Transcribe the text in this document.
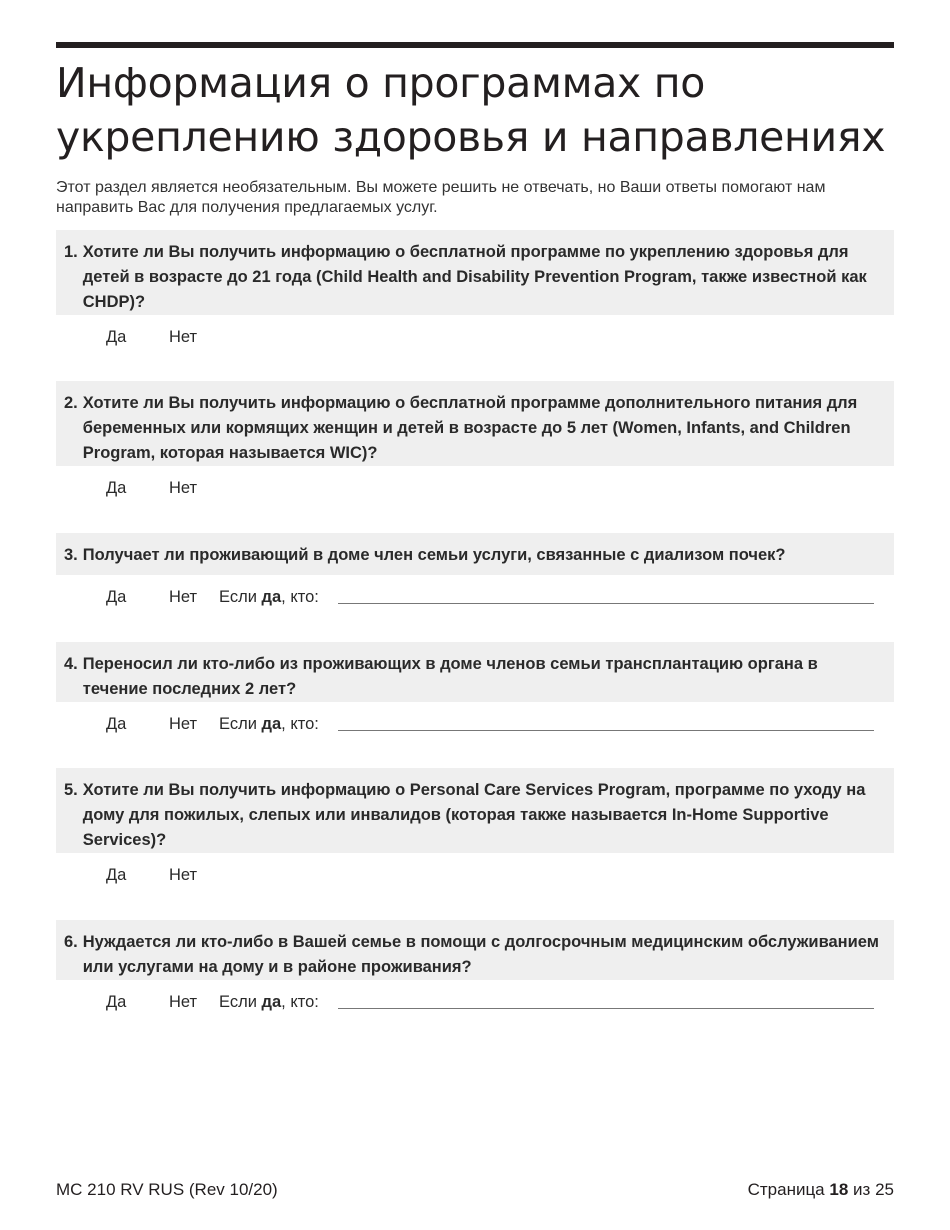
Информация о программах по укреплению здоровья и направлениях
Этот раздел является необязательным. Вы можете решить не отвечать, но Ваши ответы помогают нам направить Вас для получения предлагаемых услуг.
1. Хотите ли Вы получить информацию о бесплатной программе по укреплению здоровья для детей в возрасте до 21 года (Child Health and Disability Prevention Program, также известной как CHDP)?
Да	Нет
2. Хотите ли Вы получить информацию о бесплатной программе дополнительного питания для беременных или кормящих женщин и детей в возрасте до 5 лет (Women, Infants, and Children Program, которая называется WIC)?
Да	Нет
3. Получает ли проживающий в доме член семьи услуги, связанные с диализом почек?
Да	Нет Если да, кто:
4. Переносил ли кто-либо из проживающих в доме членов семьи трансплантацию органа в течение последних 2 лет?
Да	Нет Если да, кто:
5. Хотите ли Вы получить информацию о Personal Care Services Program, программе по уходу на дому для пожилых, слепых или инвалидов (которая также называется In-Home Supportive Services)?
Да	Нет
6. Нуждается ли кто-либо в Вашей семье в помощи с долгосрочным медицинским обслуживанием или услугами на дому и в районе проживания?
Да	Нет Если да, кто:
MC 210 RV RUS (Rev 10/20)	Страница 18 из 25
